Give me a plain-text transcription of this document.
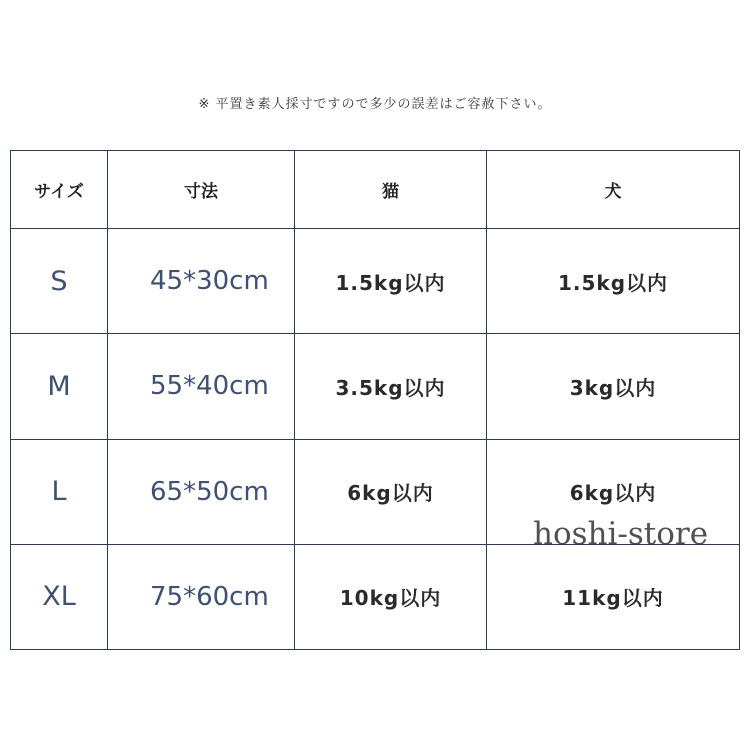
※ 平置き素人採寸ですので多少の誤差はご容赦下さい。
サイズ	寸法	猫	犬
S	45*30cm	1.5kg以内	1.5kg以内
M	55*40cm	3.5kg以内	3kg以内
L	65*50cm	6kg以内	6kg以内
XL	75*60cm	10kg以内	11kg以内
hoshi-store
